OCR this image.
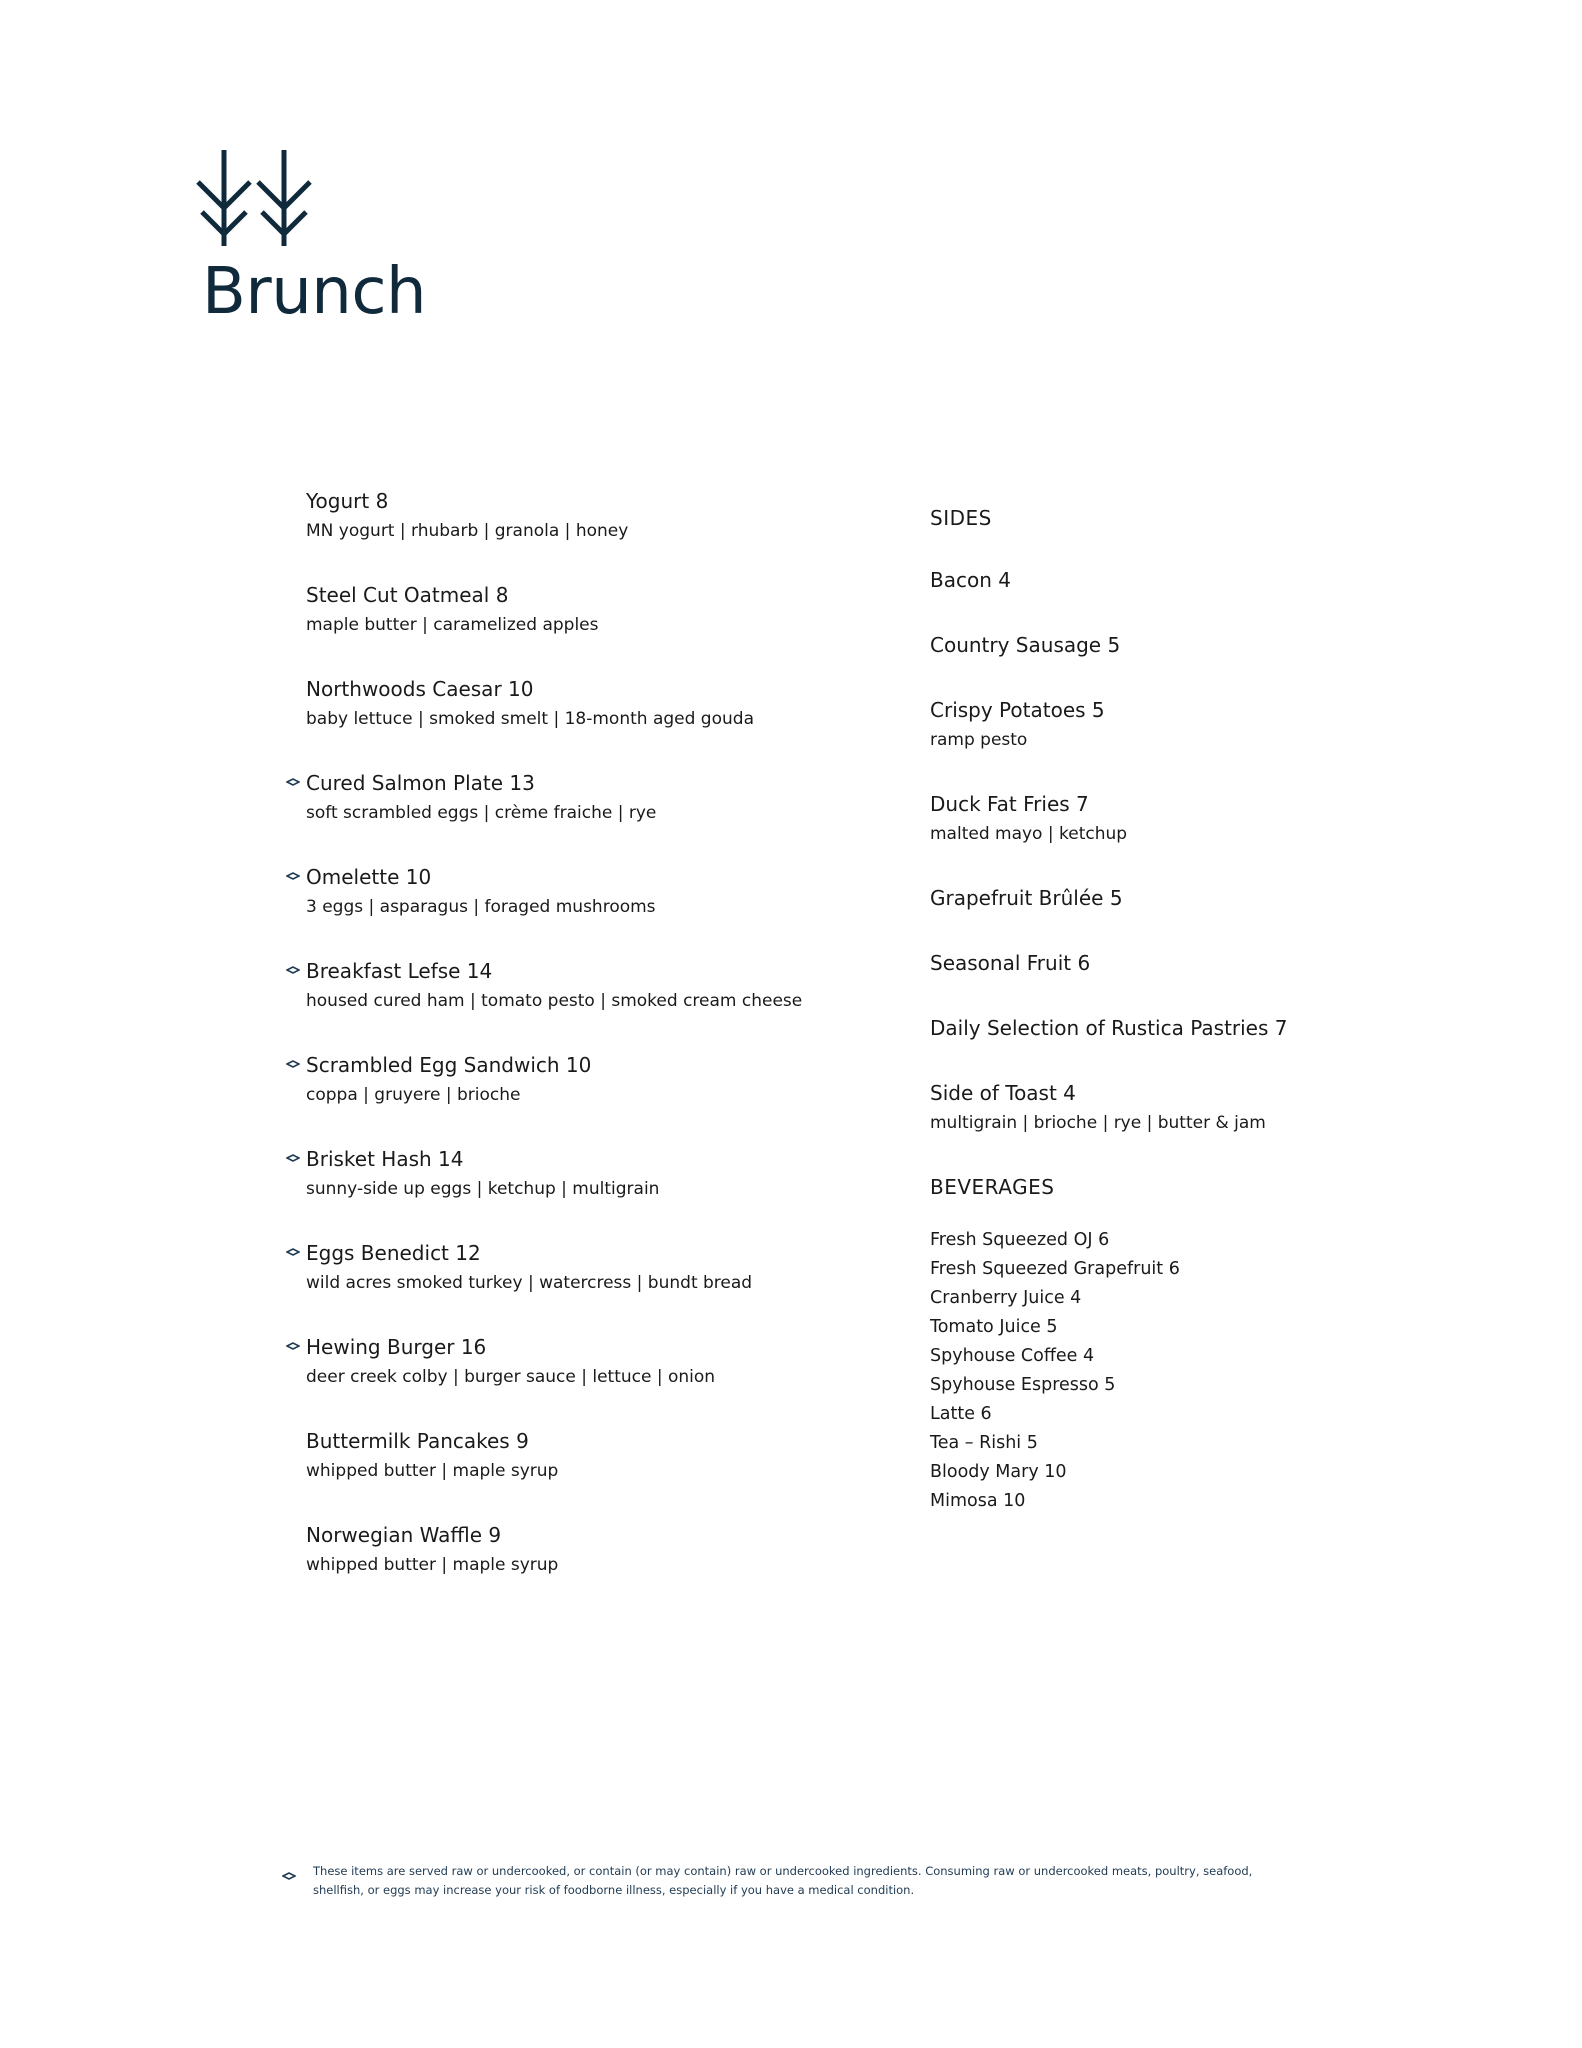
Brunch
Yogurt 8
MN yogurt | rhubarb | granola | honey
Steel Cut Oatmeal 8
maple butter | caramelized apples
Northwoods Caesar 10
baby lettuce | smoked smelt | 18-month aged gouda
Cured Salmon Plate 13
soft scrambled eggs | crème fraiche | rye
Omelette 10
3 eggs | asparagus | foraged mushrooms
Breakfast Lefse 14
housed cured ham | tomato pesto | smoked cream cheese
Scrambled Egg Sandwich 10
coppa | gruyere | brioche
Brisket Hash 14
sunny-side up eggs | ketchup | multigrain
Eggs Benedict 12
wild acres smoked turkey | watercress | bundt bread
Hewing Burger 16
deer creek colby | burger sauce | lettuce | onion
Buttermilk Pancakes 9
whipped butter | maple syrup
Norwegian Waffle 9
whipped butter | maple syrup
SIDES
Bacon 4
Country Sausage 5
Crispy Potatoes 5
ramp pesto
Duck Fat Fries 7
malted mayo | ketchup
Grapefruit Brûlée 5
Seasonal Fruit 6
Daily Selection of Rustica Pastries 7
Side of Toast 4
multigrain | brioche | rye | butter & jam
BEVERAGES
Fresh Squeezed OJ 6
Fresh Squeezed Grapefruit 6
Cranberry Juice 4
Tomato Juice 5
Spyhouse Coffee 4
Spyhouse Espresso 5
Latte 6
Tea – Rishi 5
Bloody Mary 10
Mimosa 10
These items are served raw or undercooked, or contain (or may contain) raw or undercooked ingredients. Consuming raw or undercooked meats, poultry, seafood, shellfish, or eggs may increase your risk of foodborne illness, especially if you have a medical condition.
